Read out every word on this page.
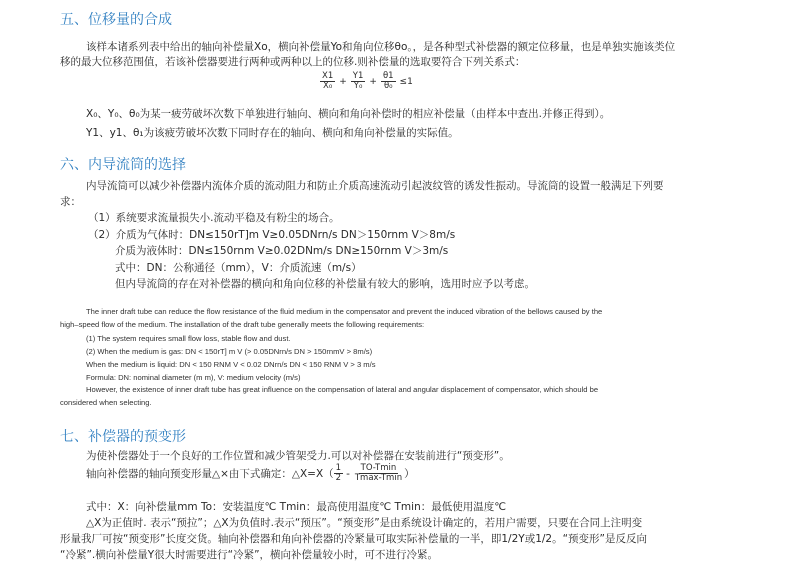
五、位移量的合成
该样本诸系列表中给出的轴向补偿量Xo，横向补偿量Yo和角向位移θo。，是各种型式补偿器的额定位移量，也是单独实施该类位
移的最大位移范围值，若该补偿器要进行两种或两种以上的位移.则补偿量的选取要符合下列关系式：
$\frac{X1}{\text{X₀}} + \frac{Y1}{\text{Y₀}} + \frac{\theta 1}{\text{θ₀}} \le 1$
X₀、Y₀、θ₀为某一疲劳破坏次数下单独进行轴向、横向和角向补偿时的相应补偿量（由样本中查出.并修正得到）。
Y1、y1、θ₁为该疲劳破坏次数下同时存在的轴向、横向和角向补偿量的实际值。
六、内导流筒的选择
内导流筒可以减少补偿器内流体介质的流动阻力和防止介质高速流动引起波纹管的诱发性振动。导流筒的设置一般满足下列要
求：
（1）系统要求流量损失小.流动平稳及有粉尘的场合。
（2）介质为气体时：DN≤150rT]m V≥0.05DNrn/s DN＞150rnm V＞8m/s
介质为液体时：DN≤150rnm V≥0.02DNm/s DN≥150rnm V＞3m/s
式中：DN：公称通径（mm），V：介质流速（m/s）
但内导流筒的存在对补偿器的横向和角向位移的补偿量有较大的影响，选用时应予以考虑。
The inner draft tube can reduce the flow resistance of the fluid medium in the compensator and prevent the induced vibration of the bellows caused by the
high–speed flow of the medium. The installation of the draft tube generally meets the following requirements:
(1) The system requires small flow loss, stable flow and dust.
(2) When the medium is gas: DN < 150rT] m V (> 0.05DNrn/s DN > 150rnmV > 8m/s)
When the medium is liquid: DN < 150 RNM V < 0.02 DNrn/s DN < 150 RNM V > 3 m/s
Formula: DN: nominal diameter (m m), V: medium velocity (m/s)
However, the existence of inner draft tube has great influence on the compensation of lateral and angular displacement of compensator, which should be
considered when selecting.
七、补偿器的预变形
为使补偿器处于一个良好的工作位置和减少管架受力.可以对补偿器在安装前进行“预变形”。
轴向补偿器的轴向预变形量△×由下式确定：△X=X（ $\frac{1}{2} - \frac{TO-Tmin}{Tmax-Tmin}$ ）
式中：X：向补偿量mm To：安装温度℃ Tmin：最高使用温度℃ Tmin：最低使用温度℃
△X为正值时. 表示“预拉”；△X为负值时.表示“预压”。“预变形”是由系统设计确定的，若用户需要，只要在合同上注明变
形量我厂可按“预变形”长度交货。轴向补偿器和角向补偿器的冷紧量可取实际补偿量的一半，即1/2Y或1/2。“预变形”是反反向
“冷紧”.横向补偿量Y很大时需要进行“冷紧”，横向补偿量较小时，可不进行冷紧。
